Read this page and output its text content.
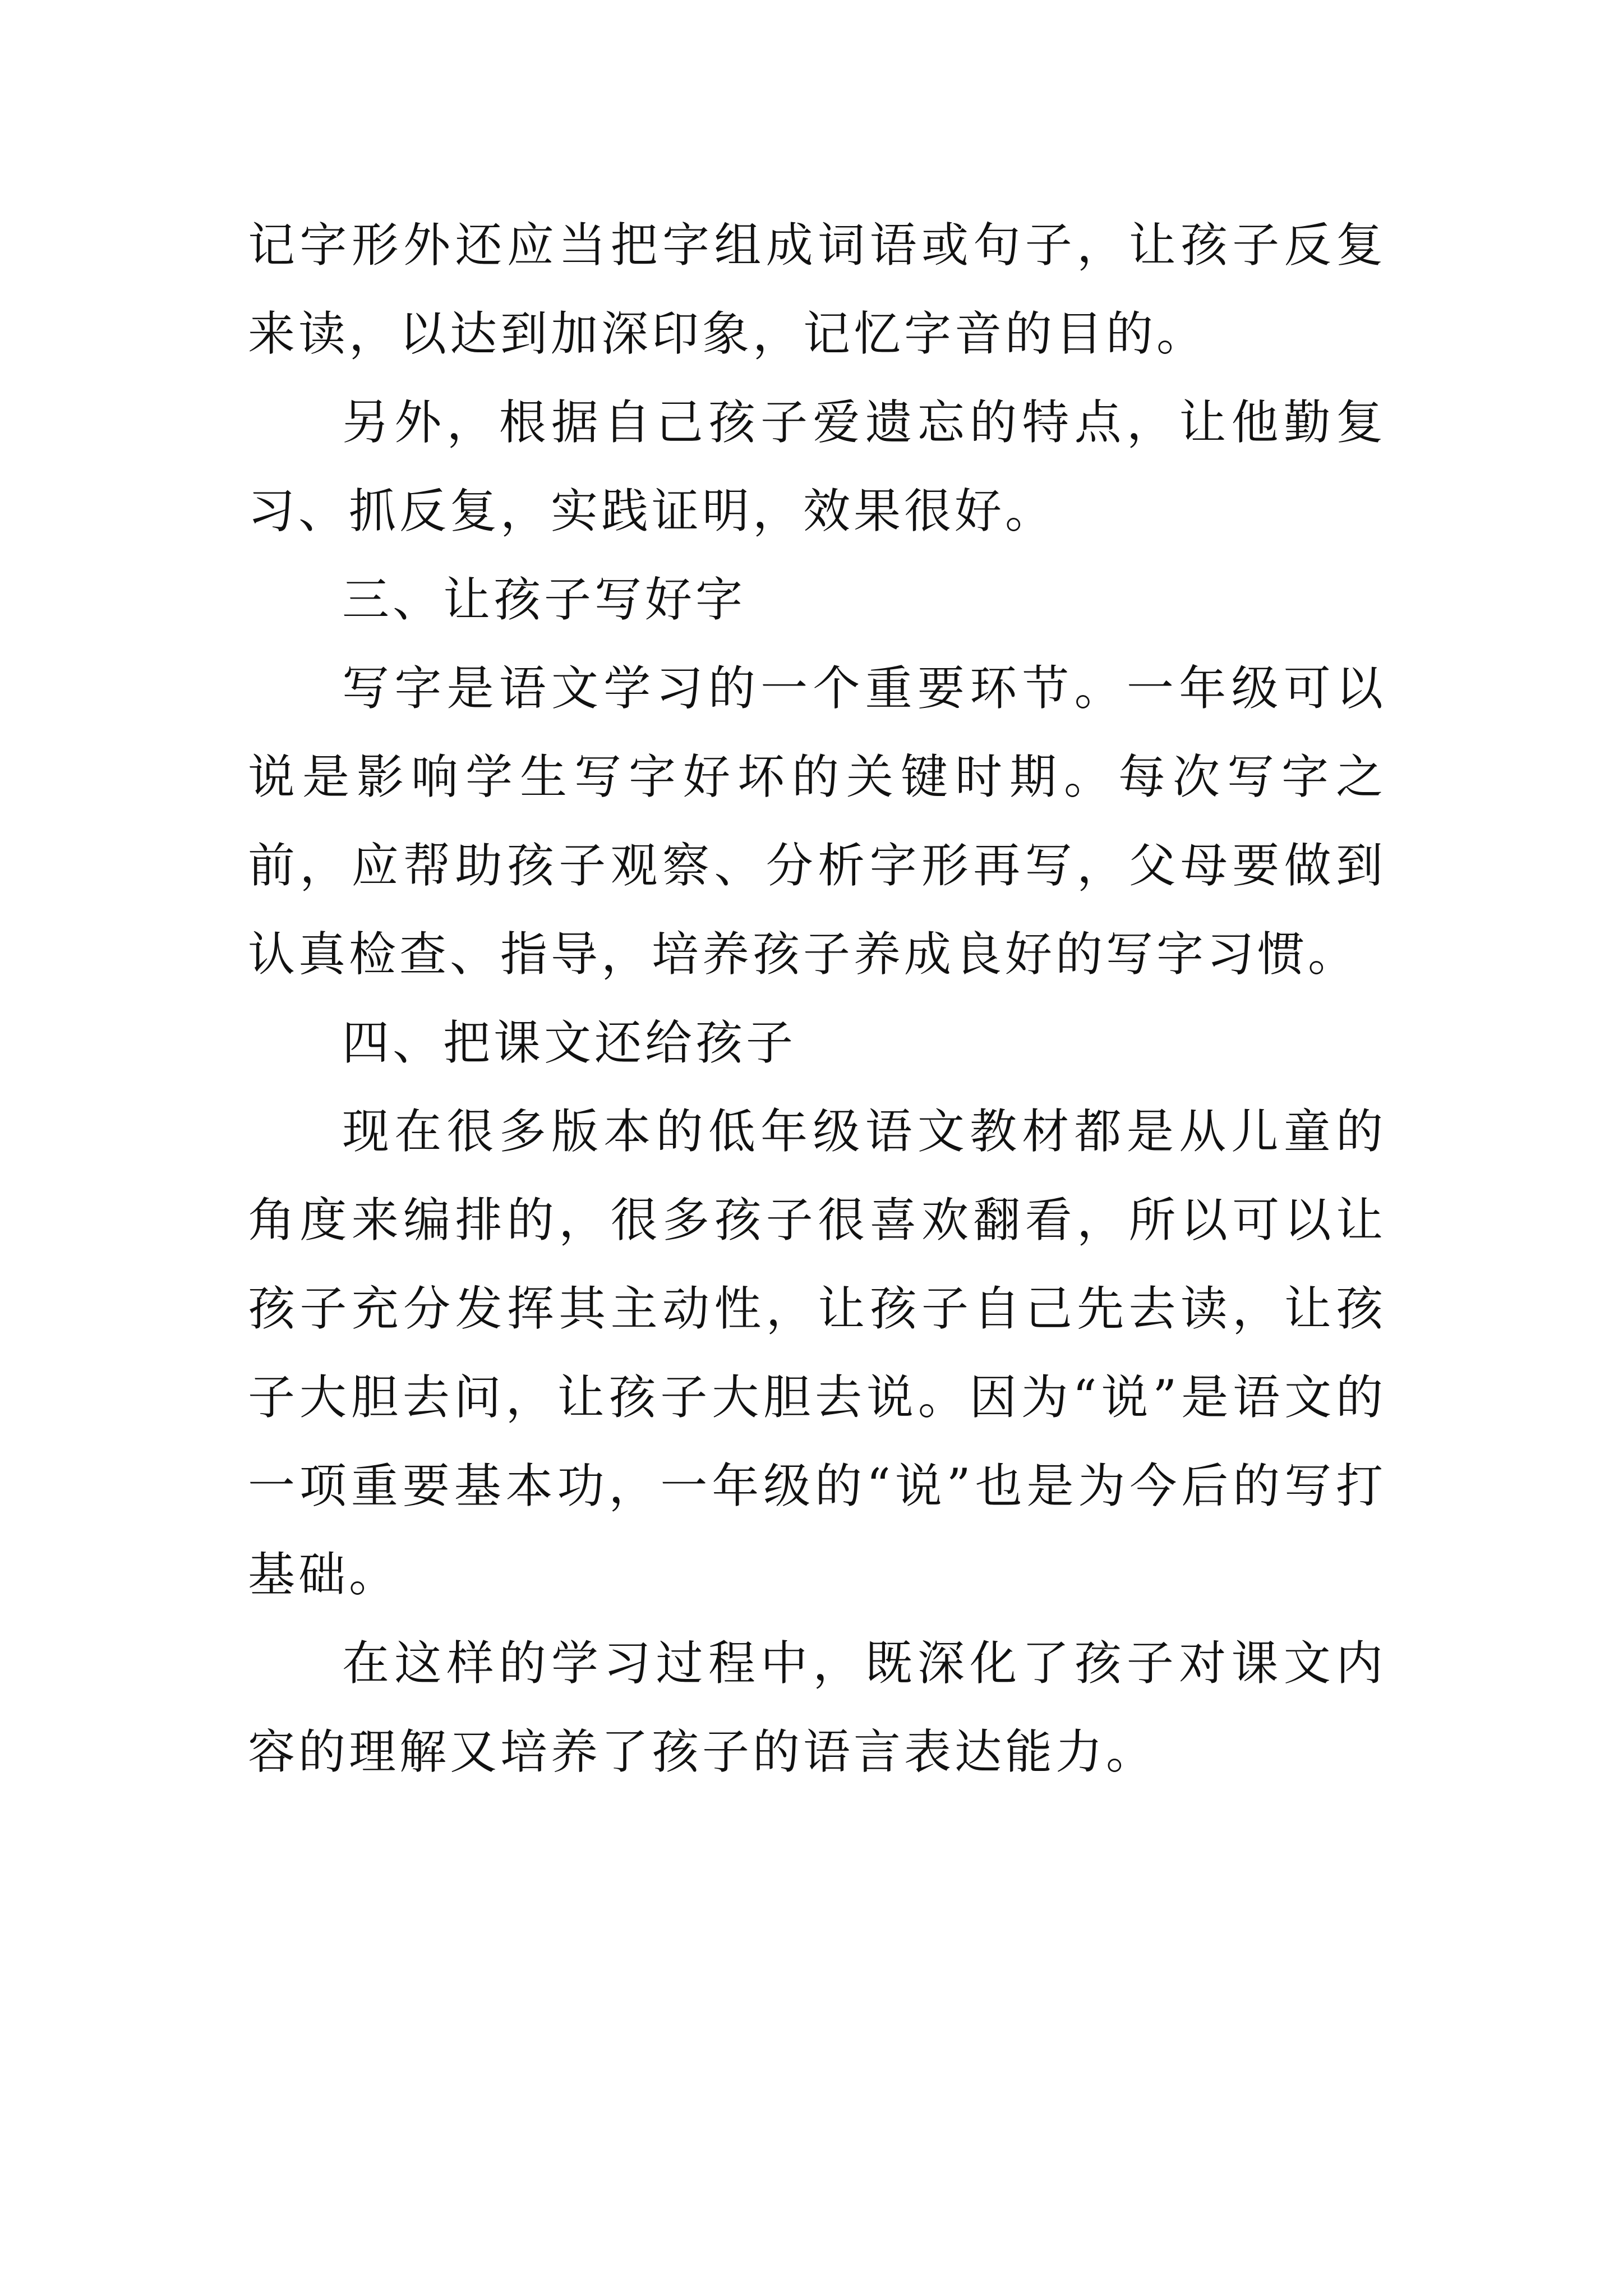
记字形外还应当把字组成词语或句子，让孩子反复来读，以达到加深印象，记忆字音的目的。

另外，根据自己孩子爱遗忘的特点，让他勤复习、抓反复，实践证明，效果很好。

三、让孩子写好字

写字是语文学习的一个重要环节。一年级可以说是影响学生写字好坏的关键时期。每次写字之前，应帮助孩子观察、分析字形再写，父母要做到认真检查、指导，培养孩子养成良好的写字习惯。

四、把课文还给孩子

现在很多版本的低年级语文教材都是从儿童的角度来编排的，很多孩子很喜欢翻看，所以可以让孩子充分发挥其主动性，让孩子自己先去读，让孩子大胆去问，让孩子大胆去说。因为“说”是语文的一项重要基本功，一年级的“说”也是为今后的写打基础。

在这样的学习过程中，既深化了孩子对课文内容的理解又培养了孩子的语言表达能力。
